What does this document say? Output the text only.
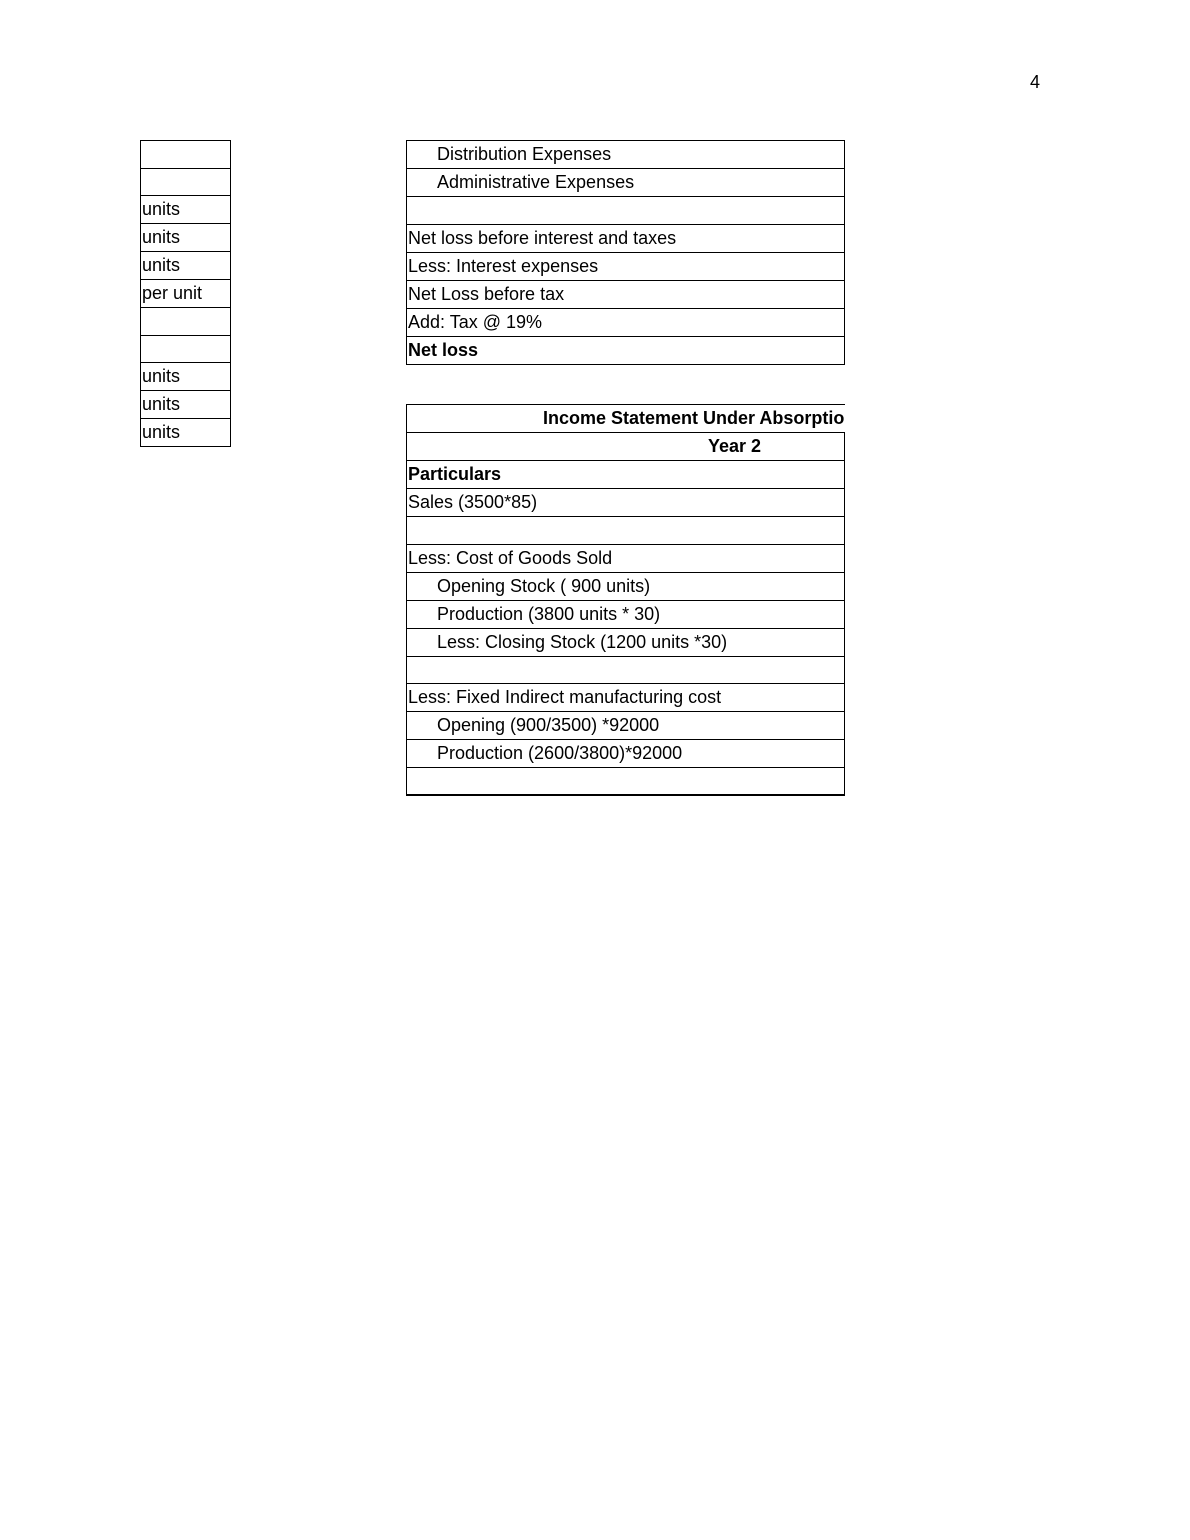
4

units
units
units
per unit

units
units
units
Distribution Expenses
Administrative Expenses

Net loss before interest and taxes
Less: Interest expenses
Net Loss before tax
Add: Tax @ 19%
Net loss
Income Statement Under Absorptio
Year 2
Particulars
Sales (3500*85)

Less: Cost of Goods Sold
Opening Stock ( 900 units)
Production (3800 units * 30)
Less: Closing Stock (1200 units *30)

Less: Fixed Indirect manufacturing cost
Opening (900/3500) *92000
Production (2600/3800)*92000
